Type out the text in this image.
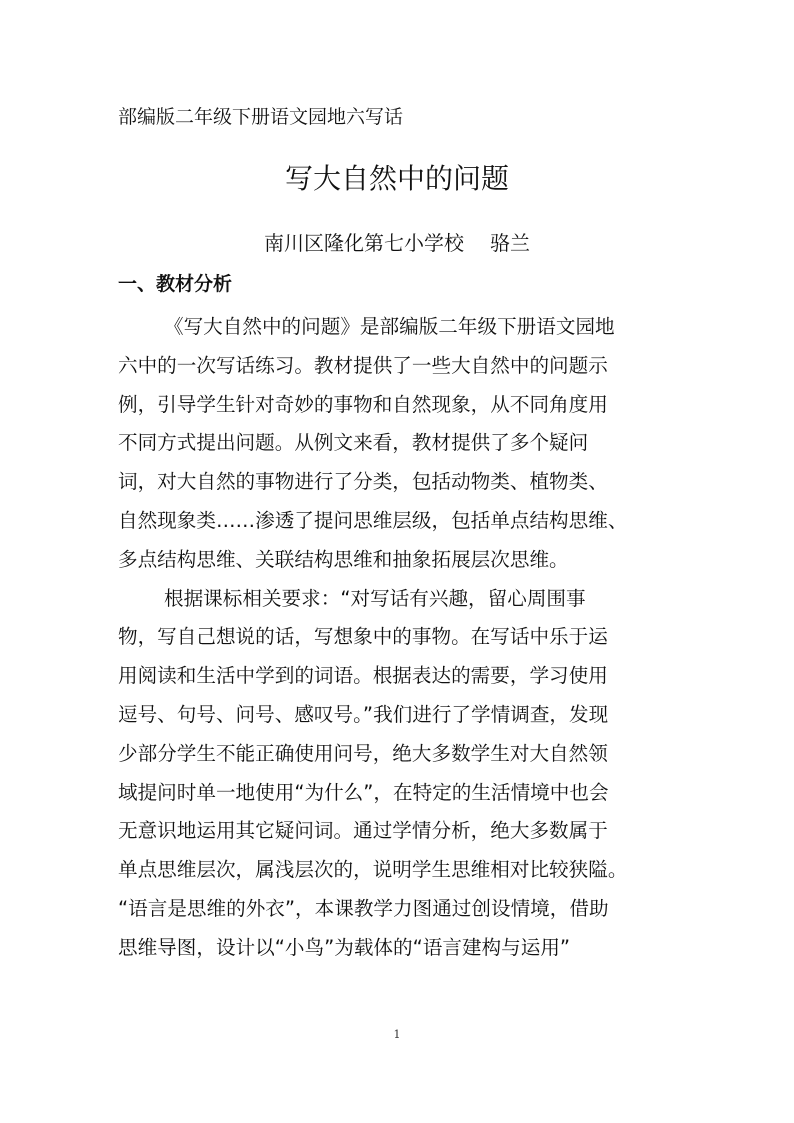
部编版二年级下册语文园地六写话
写大自然中的问题
南川区隆化第七小学校 骆兰
一、教材分析
《写大自然中的问题》是部编版二年级下册语文园地
六中的一次写话练习。教材提供了一些大自然中的问题示
例，引导学生针对奇妙的事物和自然现象，从不同角度用
不同方式提出问题。从例文来看，教材提供了多个疑问
词，对大自然的事物进行了分类，包括动物类、植物类、
自然现象类……渗透了提问思维层级，包括单点结构思维、
多点结构思维、关联结构思维和抽象拓展层次思维。
根据课标相关要求：“对写话有兴趣，留心周围事
物，写自己想说的话，写想象中的事物。在写话中乐于运
用阅读和生活中学到的词语。根据表达的需要，学习使用
逗号、句号、问号、感叹号。”我们进行了学情调查，发现
少部分学生不能正确使用问号，绝大多数学生对大自然领
域提问时单一地使用“为什么”，在特定的生活情境中也会
无意识地运用其它疑问词。通过学情分析，绝大多数属于
单点思维层次，属浅层次的，说明学生思维相对比较狭隘。
“语言是思维的外衣”，本课教学力图通过创设情境，借助
思维导图，设计以“小鸟”为载体的“语言建构与运用”
1
